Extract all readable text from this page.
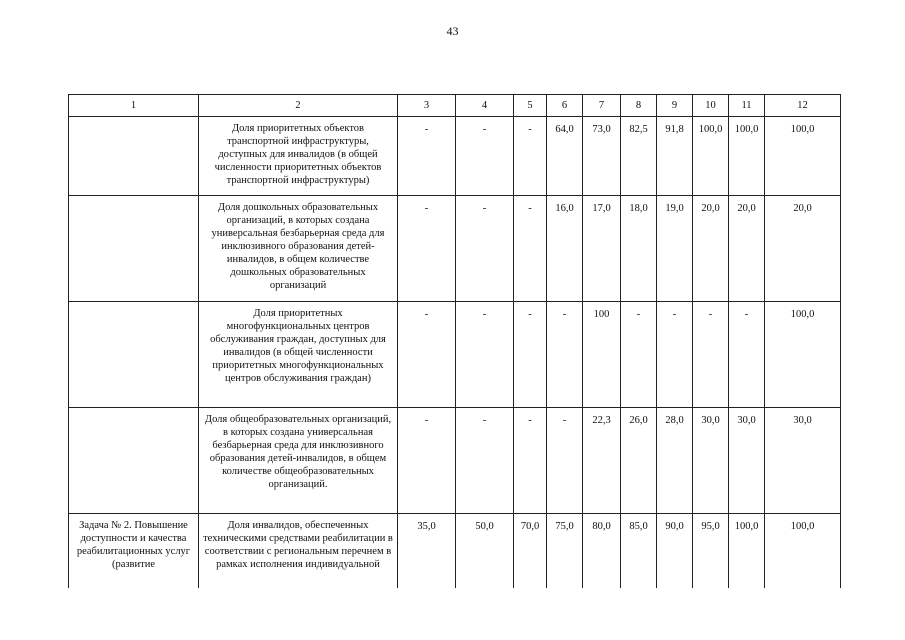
43
1	2	3	4	5	6	7	8	9	10	11	12
	Доля приоритетных объектов транспортной инфраструктуры, доступных для инвалидов (в общей численности приоритетных объектов транспортной инфраструктуры)	-	-	-	64,0	73,0	82,5	91,8	100,0	100,0	100,0
	Доля дошкольных образовательных организаций, в которых создана универсальная безбарьерная среда для инклюзивного образования детей-инвалидов, в общем количестве дошкольных образовательных организаций	-	-	-	16,0	17,0	18,0	19,0	20,0	20,0	20,0
	Доля приоритетных многофункциональных центров обслуживания граждан, доступных для инвалидов (в общей численности приоритетных многофункциональных центров обслуживания граждан)	-	-	-	-	100	-	-	-	-	100,0
	Доля общеобразовательных организаций, в которых создана универсальная безбарьерная среда для инклюзивного образования детей-инвалидов, в общем количестве общеобразовательных организаций.	-	-	-	-	22,3	26,0	28,0	30,0	30,0	30,0
Задача № 2. Повышение доступности и качества реабилитационных услуг (развитие	Доля инвалидов, обеспеченных техническими средствами реабилитации в соответствии с региональным перечнем в рамках исполнения индивидуальной	35,0	50,0	70,0	75,0	80,0	85,0	90,0	95,0	100,0	100,0
